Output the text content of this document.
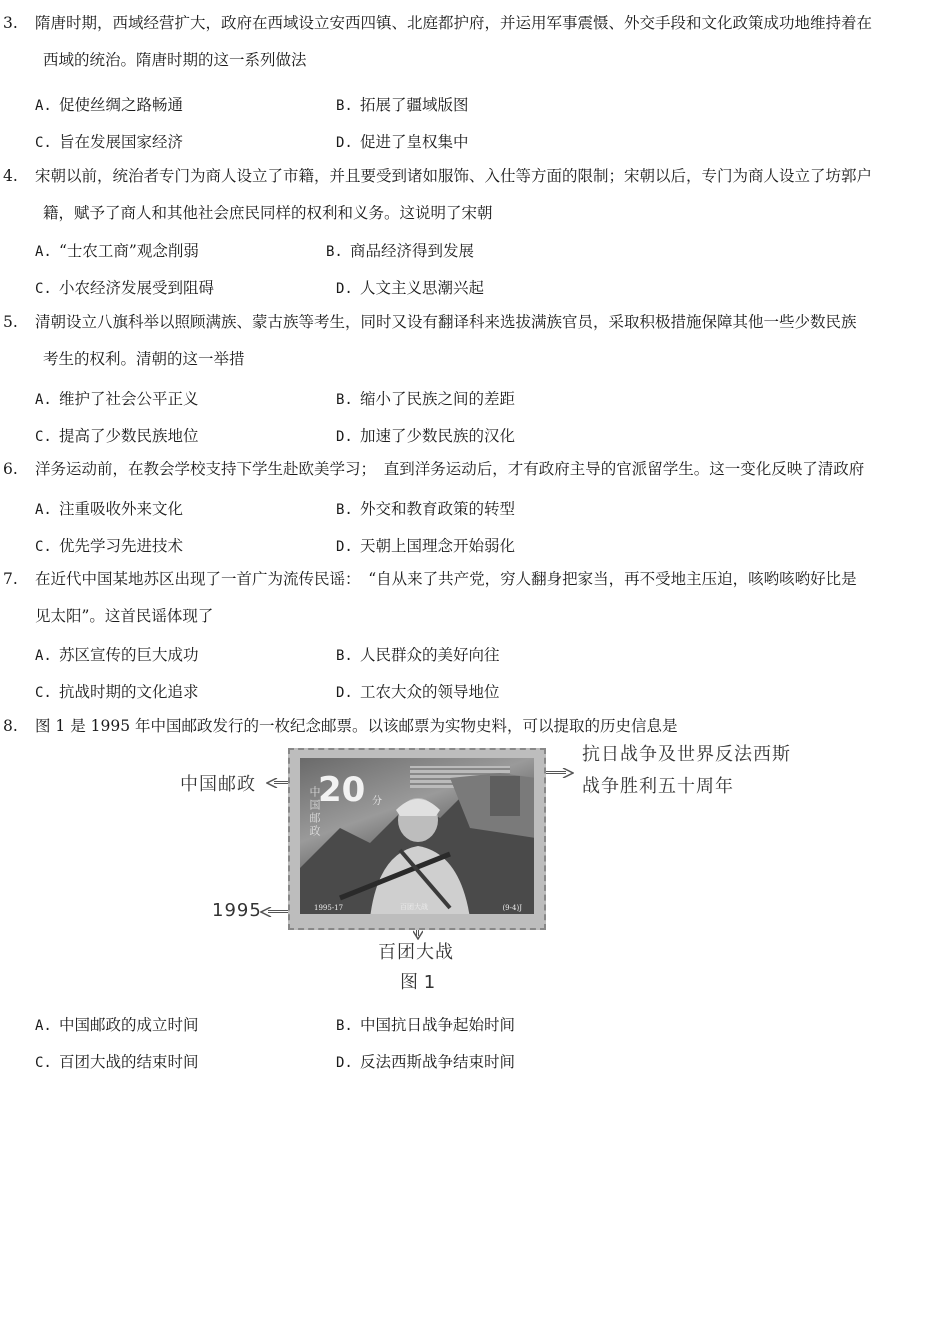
3. 隋唐时期，西域经营扩大，政府在西域设立安西四镇、北庭都护府，并运用军事震慑、外交手段和文化政策成功地维持着在
西域的统治。隋唐时期的这一系列做法
A. 促使丝绸之路畅通	B. 拓展了疆域版图
C. 旨在发展国家经济	D. 促进了皇权集中
4. 宋朝以前，统治者专门为商人设立了市籍，并且要受到诸如服饰、入仕等方面的限制；宋朝以后，专门为商人设立了坊郭户
籍，赋予了商人和其他社会庶民同样的权利和义务。这说明了宋朝
A. “士农工商”观念削弱	B. 商品经济得到发展
C. 小农经济发展受到阻碍	D. 人文主义思潮兴起
5. 清朝设立八旗科举以照顾满族、蒙古族等考生，同时又设有翻译科来选拔满族官员，采取积极措施保障其他一些少数民族
考生的权利。清朝的这一举措
A. 维护了社会公平正义	B. 缩小了民族之间的差距
C. 提高了少数民族地位	D. 加速了少数民族的汉化
6. 洋务运动前，在教会学校支持下学生赴欧美学习；　直到洋务运动后，才有政府主导的官派留学生。这一变化反映了清政府
A. 注重吸收外来文化	B. 外交和教育政策的转型
C. 优先学习先进技术	D. 天朝上国理念开始弱化
7. 在近代中国某地苏区出现了一首广为流传民谣：　“自从来了共产党，穷人翻身把家当，再不受地主压迫，咳哟咳哟好比是
见太阳”。这首民谣体现了
A. 苏区宣传的巨大成功	B. 人民群众的美好向往
C. 抗战时期的文化追求	D. 工农大众的领导地位
8. 图 1 是 1995 年中国邮政发行的一枚纪念邮票。以该邮票为实物史料，可以提取的历史信息是
中国邮政
抗日战争及世界反法西斯
战争胜利五十周年
1995
百团大战
20 分
中国邮政
1995-17	百团大战	(9-4)J
图 1
A. 中国邮政的成立时间	B. 中国抗日战争起始时间
C. 百团大战的结束时间	D. 反法西斯战争结束时间
